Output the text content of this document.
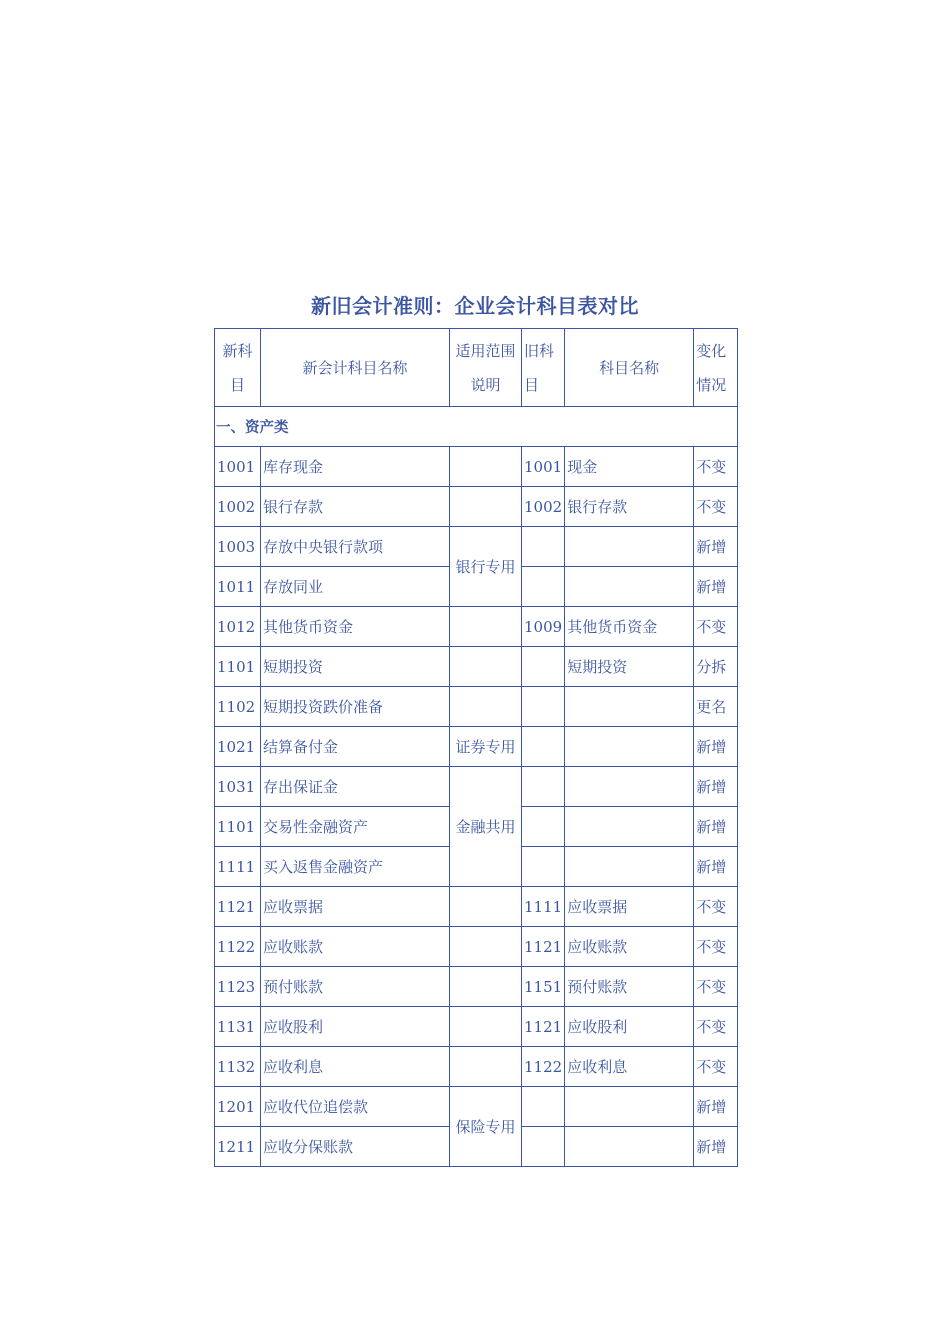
新旧会计准则：企业会计科目表对比
新科目	新会计科目名称	适用范围说明	旧科目	科目名称	变化情况
一、资产类					
1001	库存现金		1001	现金	不变
1002	银行存款		1002	银行存款	不变
1003	存放中央银行款项	银行专用			新增
1011	存放同业				新增
1012	其他货币资金		1009	其他货币资金	不变
1101	短期投资			短期投资	分拆
1102	短期投资跌价准备				更名
1021	结算备付金	证券专用			新增
1031	存出保证金	金融共用			新增
1101	交易性金融资产				新增
1111	买入返售金融资产				新增
1121	应收票据		1111	应收票据	不变
1122	应收账款		1121	应收账款	不变
1123	预付账款		1151	预付账款	不变
1131	应收股利		1121	应收股利	不变
1132	应收利息		1122	应收利息	不变
1201	应收代位追偿款	保险专用			新增
1211	应收分保账款				新增
